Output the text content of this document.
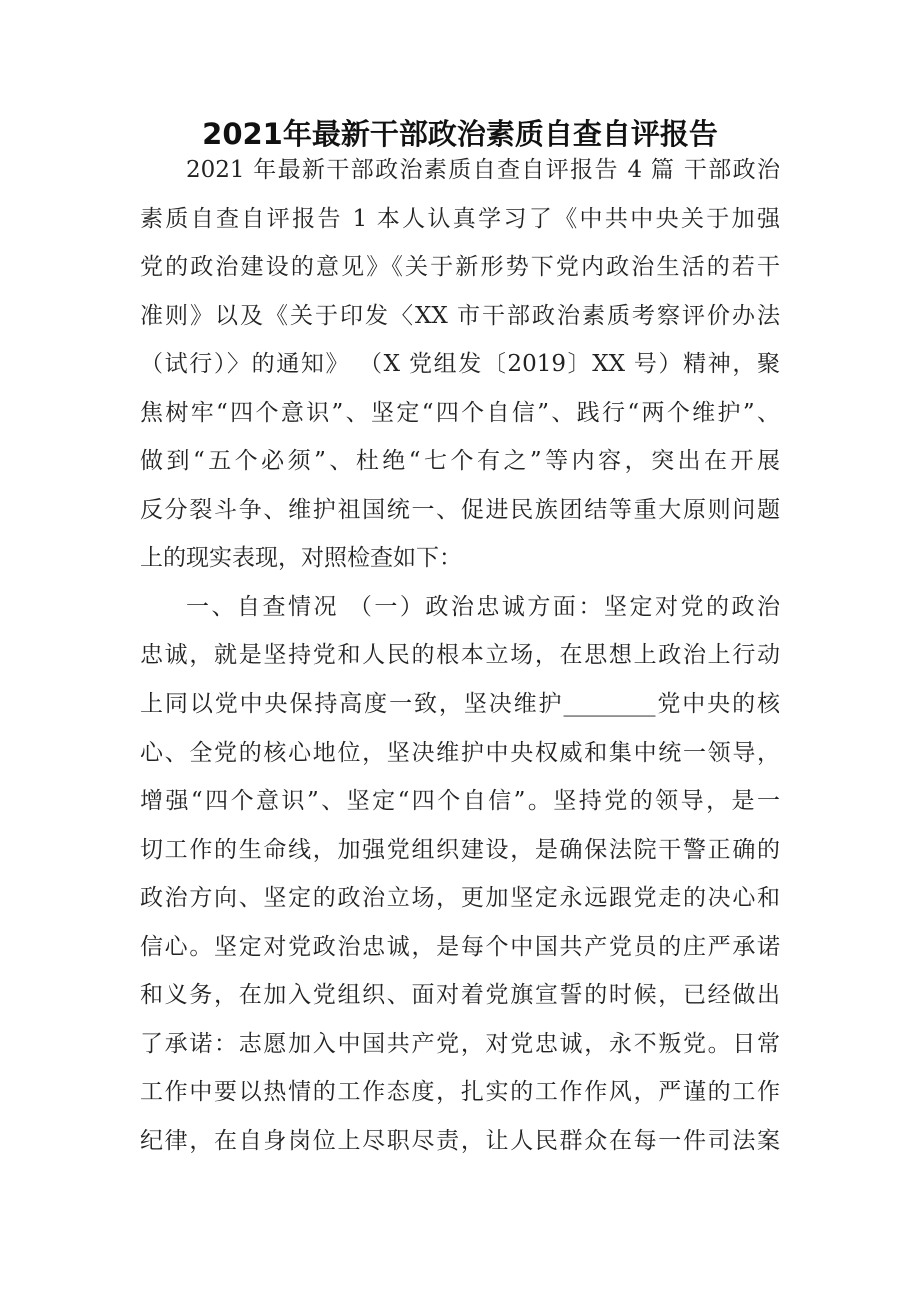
2021年最新干部政治素质自查自评报告
2021 年最新干部政治素质自查自评报告 4 篇 干部政治
素质自查自评报告 1 本人认真学习了《中共中央关于加强
党的政治建设的意见》《关于新形势下党内政治生活的若干
准则》以及《关于印发〈XX 市干部政治素质考察评价办法
（试行）〉的通知》 （X 党组发〔2019〕XX 号）精神，聚
焦树牢“四个意识”、坚定“四个自信”、践行“两个维护”、
做到“五个必须”、杜绝“七个有之”等内容，突出在开展
反分裂斗争、维护祖国统一、促进民族团结等重大原则问题
上的现实表现，对照检查如下：
一、自查情况 （一）政治忠诚方面：坚定对党的政治
忠诚，就是坚持党和人民的根本立场，在思想上政治上行动
上同以党中央保持高度一致，坚决维护________党中央的核
心、全党的核心地位，坚决维护中央权威和集中统一领导，
增强“四个意识”、坚定“四个自信”。坚持党的领导，是一
切工作的生命线，加强党组织建设，是确保法院干警正确的
政治方向、坚定的政治立场，更加坚定永远跟党走的决心和
信心。坚定对党政治忠诚，是每个中国共产党员的庄严承诺
和义务，在加入党组织、面对着党旗宣誓的时候，已经做出
了承诺：志愿加入中国共产党，对党忠诚，永不叛党。日常
工作中要以热情的工作态度，扎实的工作作风，严谨的工作
纪律，在自身岗位上尽职尽责，让人民群众在每一件司法案
